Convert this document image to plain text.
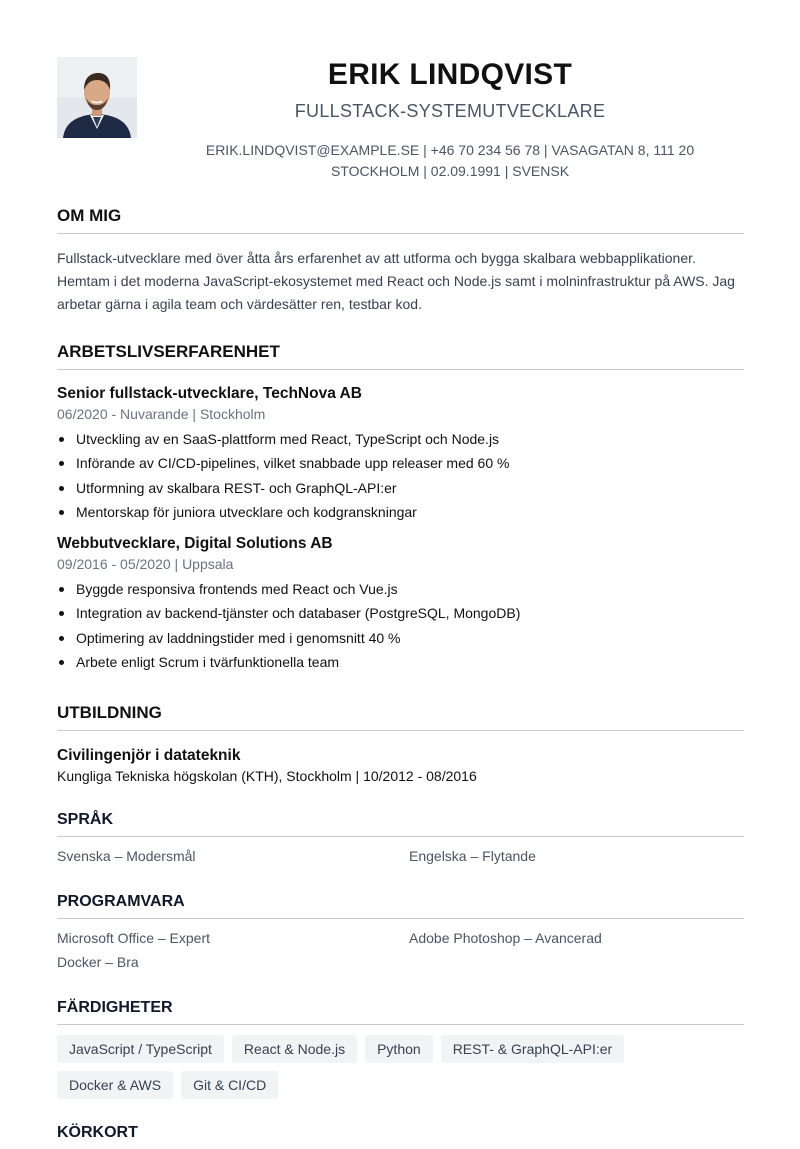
ERIK LINDQVIST
FULLSTACK-SYSTEMUTVECKLARE
ERIK.LINDQVIST@EXAMPLE.SE | +46 70 234 56 78 | VASAGATAN 8, 111 20
STOCKHOLM | 02.09.1991 | SVENSK
OM MIG

Fullstack-utvecklare med över åtta års erfarenhet av att utforma och bygga skalbara webbapplikationer. Hemtam i det moderna JavaScript-ekosystemet med React och Node.js samt i molninfrastruktur på AWS. Jag arbetar gärna i agila team och värdesätter ren, testbar kod.

ARBETSLIVSERFARENHET
Senior fullstack-utvecklare, TechNova AB
06/2020 - Nuvarande | Stockholm
Utveckling av en SaaS-plattform med React, TypeScript och Node.js
Införande av CI/CD-pipelines, vilket snabbade upp releaser med 60 %
Utformning av skalbara REST- och GraphQL-API:er
Mentorskap för juniora utvecklare och kodgranskningar
Webbutvecklare, Digital Solutions AB
09/2016 - 05/2020 | Uppsala
Byggde responsiva frontends med React och Vue.js
Integration av backend-tjänster och databaser (PostgreSQL, MongoDB)
Optimering av laddningstider med i genomsnitt 40 %
Arbete enligt Scrum i tvärfunktionella team
UTBILDNING
Civilingenjör i datateknik
Kungliga Tekniska högskolan (KTH), Stockholm | 10/2012 - 08/2016
SPRÅK
Svenska – Modersmål	Engelska – Flytande
PROGRAMVARA
Microsoft Office – Expert	Adobe Photoshop – Avancerad
Docker – Bra
FÄRDIGHETER
JavaScript / TypeScript	React & Node.js	Python	REST- & GraphQL-API:er
Docker & AWS	Git & CI/CD
KÖRKORT
